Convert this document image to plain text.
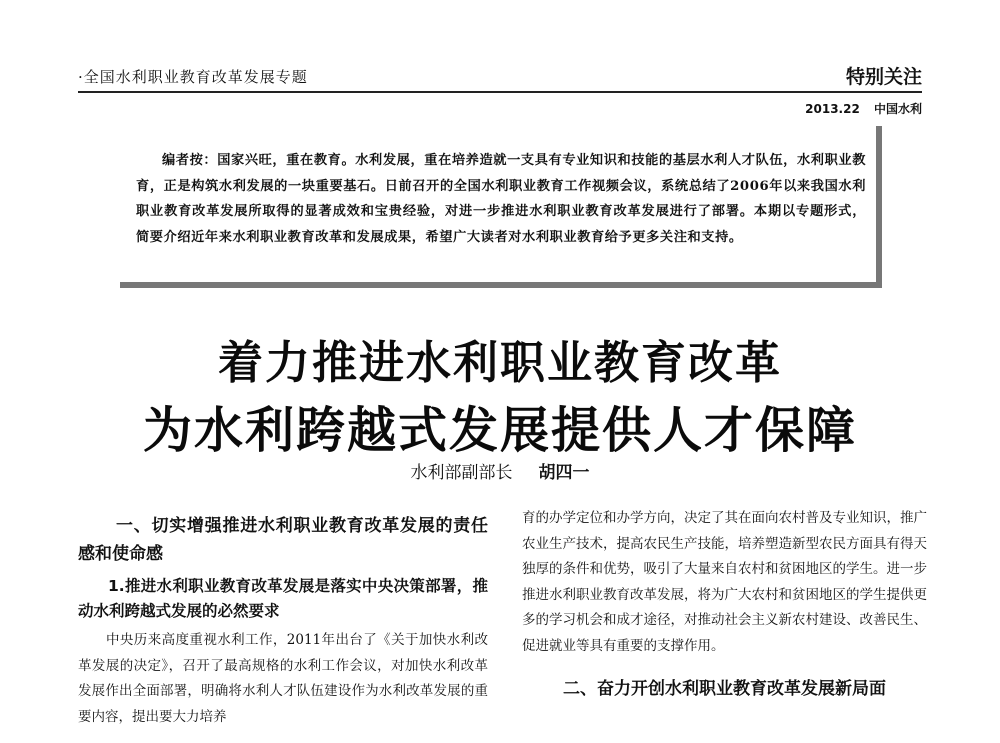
·全国水利职业教育改革发展专题	特别关注
2013.22 中国水利
编者按：国家兴旺，重在教育。水利发展，重在培养造就一支具有专业知识和技能的基层水利人才队伍，水利职业教育，正是构筑水利发展的一块重要基石。日前召开的全国水利职业教育工作视频会议，系统总结了2006年以来我国水利职业教育改革发展所取得的显著成效和宝贵经验，对进一步推进水利职业教育改革发展进行了部署。本期以专题形式，简要介绍近年来水利职业教育改革和发展成果，希望广大读者对水利职业教育给予更多关注和支持。
着力推进水利职业教育改革
为水利跨越式发展提供人才保障
水利部副部长 胡四一
一、切实增强推进水利职业教育改革发展的责任感和使命感
1.推进水利职业教育改革发展是落实中央决策部署，推动水利跨越式发展的必然要求

中央历来高度重视水利工作，2011年出台了《关于加快水利改革发展的决定》，召开了最高规格的水利工作会议，对加快水利改革发展作出全面部署，明确将水利人才队伍建设作为水利改革发展的重要内容，提出要大力培养

育的办学定位和办学方向，决定了其在面向农村普及专业知识，推广农业生产技术，提高农民生产技能，培养塑造新型农民方面具有得天独厚的条件和优势，吸引了大量来自农村和贫困地区的学生。进一步推进水利职业教育改革发展，将为广大农村和贫困地区的学生提供更多的学习机会和成才途径，对推动社会主义新农村建设、改善民生、促进就业等具有重要的支撑作用。

二、奋力开创水利职业教育改革发展新局面
